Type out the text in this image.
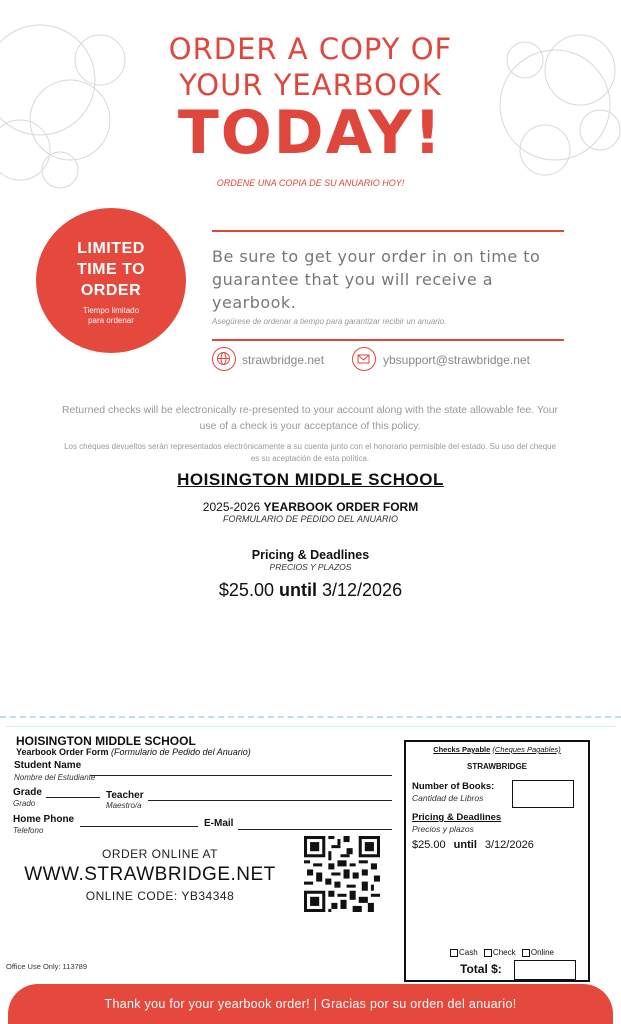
ORDER A COPY OF
YOUR YEARBOOK
TODAY!
ORDENE UNA COPIA DE SU ANUARIO HOY!
LIMITED
TIME TO
ORDER
Tiempo limitado
para ordenar
Be sure to get your order in on time to guarantee that you will receive a yearbook.
Asegúrese de ordenar a tiempo para garantizar recibir un anuario.
strawbridge.net	ybsupport@strawbridge.net
Returned checks will be electronically re-presented to your account along with the state allowable fee. Your use of a check is your acceptance of this policy.
Los cheques devueltos serán representados electrónicamente a su cuenta junto con el honorario permisible del estado. Su uso del cheque es su aceptación de esta política.
HOISINGTON MIDDLE SCHOOL
2025-2026 YEARBOOK ORDER FORM
FORMULARIO DE PEDIDO DEL ANUARIO
Pricing & Deadlines
PRECIOS Y PLAZOS
$25.00 until 3/12/2026
HOISINGTON MIDDLE SCHOOL
Yearbook Order Form (Formulario de Pedido del Anuario)
Student Name
Nombre del Estudiante
Grade
Grado
Teacher
Maestro/a
Home Phone
Telefono
E-Mail
ORDER ONLINE AT
WWW.STRAWBRIDGE.NET
ONLINE CODE: YB34348
Office Use Only: 113789
Checks Payable (Cheques Pagables)
STRAWBRIDGE
Number of Books:
Cantidad de Libros
Pricing & Deadlines
Precios y plazos
$25.00 until 3/12/2026
Cash
Check
Online
Total $:
Thank you for your yearbook order! | Gracias por su orden del anuario!
